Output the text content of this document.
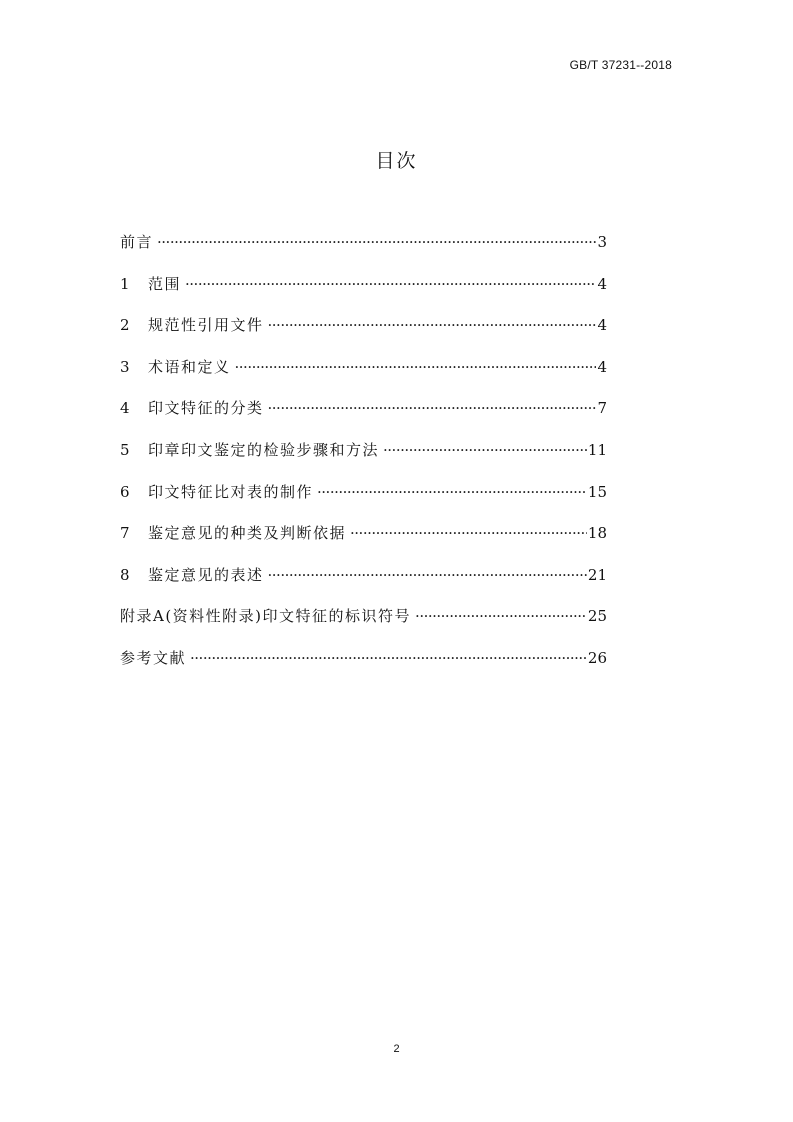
GB/T 37231--2018
目次
前言 ·····	3
1	范围 ·····	4
2	规范性引用文件 ·····	4
3	术语和定义 ·····	4
4	印文特征的分类 ·····	7
5	印章印文鉴定的检验步骤和方法 ·····	11
6	印文特征比对表的制作 ·····	15
7	鉴定意见的种类及判断依据 ·····	18
8	鉴定意见的表述 ·····	21
附录A(资料性附录)印文特征的标识符号 ·····	25
参考文献 ·····	26
2
